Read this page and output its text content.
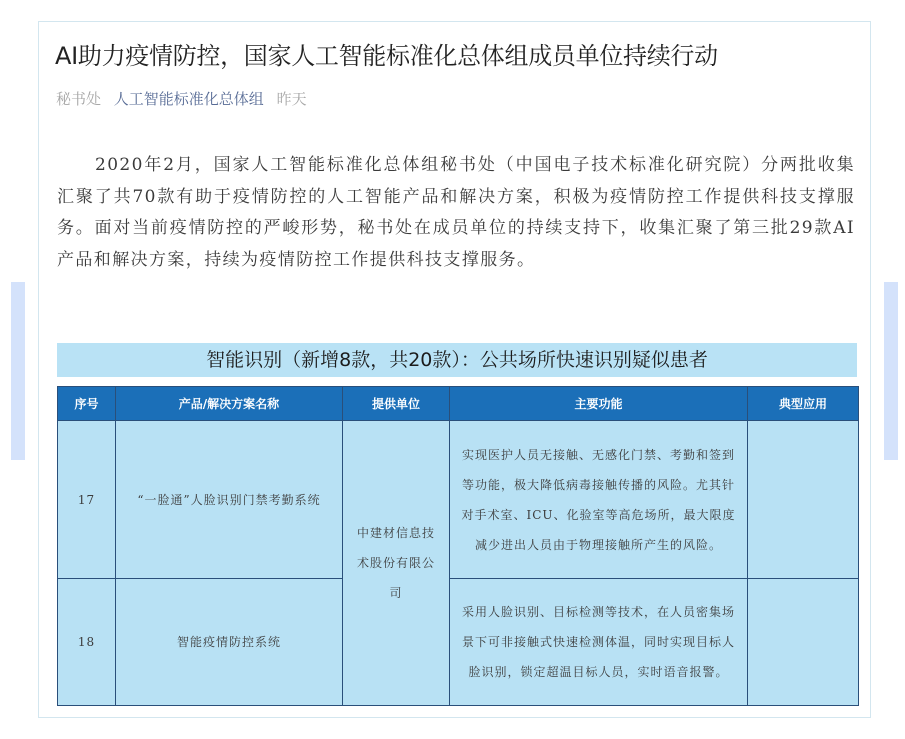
AI助力疫情防控，国家人工智能标准化总体组成员单位持续行动
秘书处 人工智能标准化总体组 昨天

2020年2月，国家人工智能标准化总体组秘书处（中国电子技术标准化研究院）分两批收集汇聚了共70款有助于疫情防控的人工智能产品和解决方案，积极为疫情防控工作提供科技支撑服务。面对当前疫情防控的严峻形势，秘书处在成员单位的持续支持下，收集汇聚了第三批29款AI产品和解决方案，持续为疫情防控工作提供科技支撑服务。

智能识别（新增8款，共20款）：公共场所快速识别疑似患者
序号	产品/解决方案名称	提供单位	主要功能	典型应用
17	“一脸通”人脸识别门禁考勤系统	中建材信息技术股份有限公司	实现医护人员无接触、无感化门禁、考勤和签到等功能，极大降低病毒接触传播的风险。尤其针对手术室、ICU、化验室等高危场所，最大限度减少进出人员由于物理接触所产生的风险。	
18	智能疫情防控系统		采用人脸识别、目标检测等技术，在人员密集场景下可非接触式快速检测体温，同时实现目标人脸识别，锁定超温目标人员，实时语音报警。	
